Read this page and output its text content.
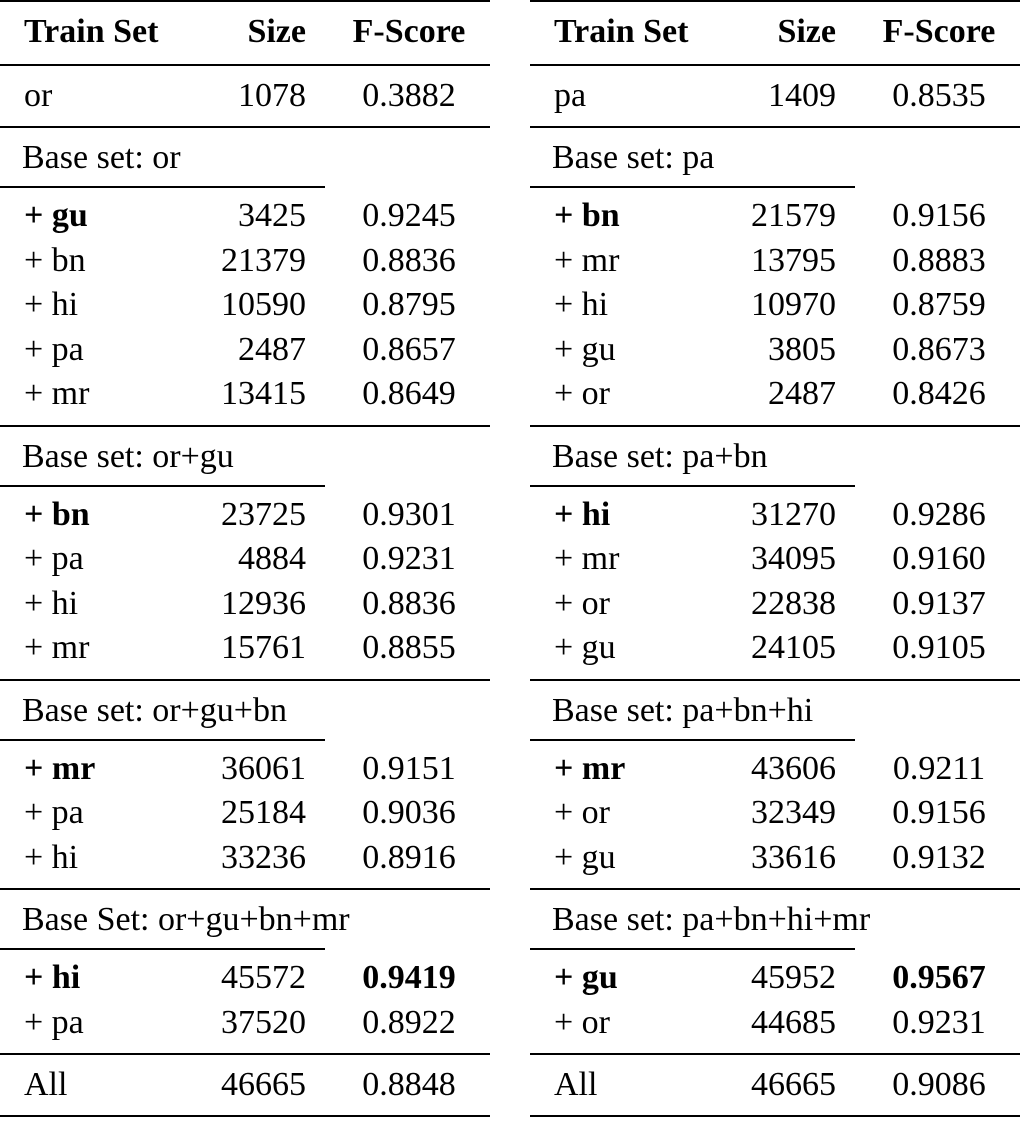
Train Set	Size	F-Score
or	1078	0.3882
Base set: or
+ gu	3425	0.9245
+ bn	21379	0.8836
+ hi	10590	0.8795
+ pa	2487	0.8657
+ mr	13415	0.8649
Base set: or+gu
+ bn	23725	0.9301
+ pa	4884	0.9231
+ hi	12936	0.8836
+ mr	15761	0.8855
Base set: or+gu+bn
+ mr	36061	0.9151
+ pa	25184	0.9036
+ hi	33236	0.8916
Base Set: or+gu+bn+mr
+ hi	45572	0.9419
+ pa	37520	0.8922
All	46665	0.8848
Train Set	Size	F-Score
pa	1409	0.8535
Base set: pa
+ bn	21579	0.9156
+ mr	13795	0.8883
+ hi	10970	0.8759
+ gu	3805	0.8673
+ or	2487	0.8426
Base set: pa+bn
+ hi	31270	0.9286
+ mr	34095	0.9160
+ or	22838	0.9137
+ gu	24105	0.9105
Base set: pa+bn+hi
+ mr	43606	0.9211
+ or	32349	0.9156
+ gu	33616	0.9132
Base set: pa+bn+hi+mr
+ gu	45952	0.9567
+ or	44685	0.9231
All	46665	0.9086
